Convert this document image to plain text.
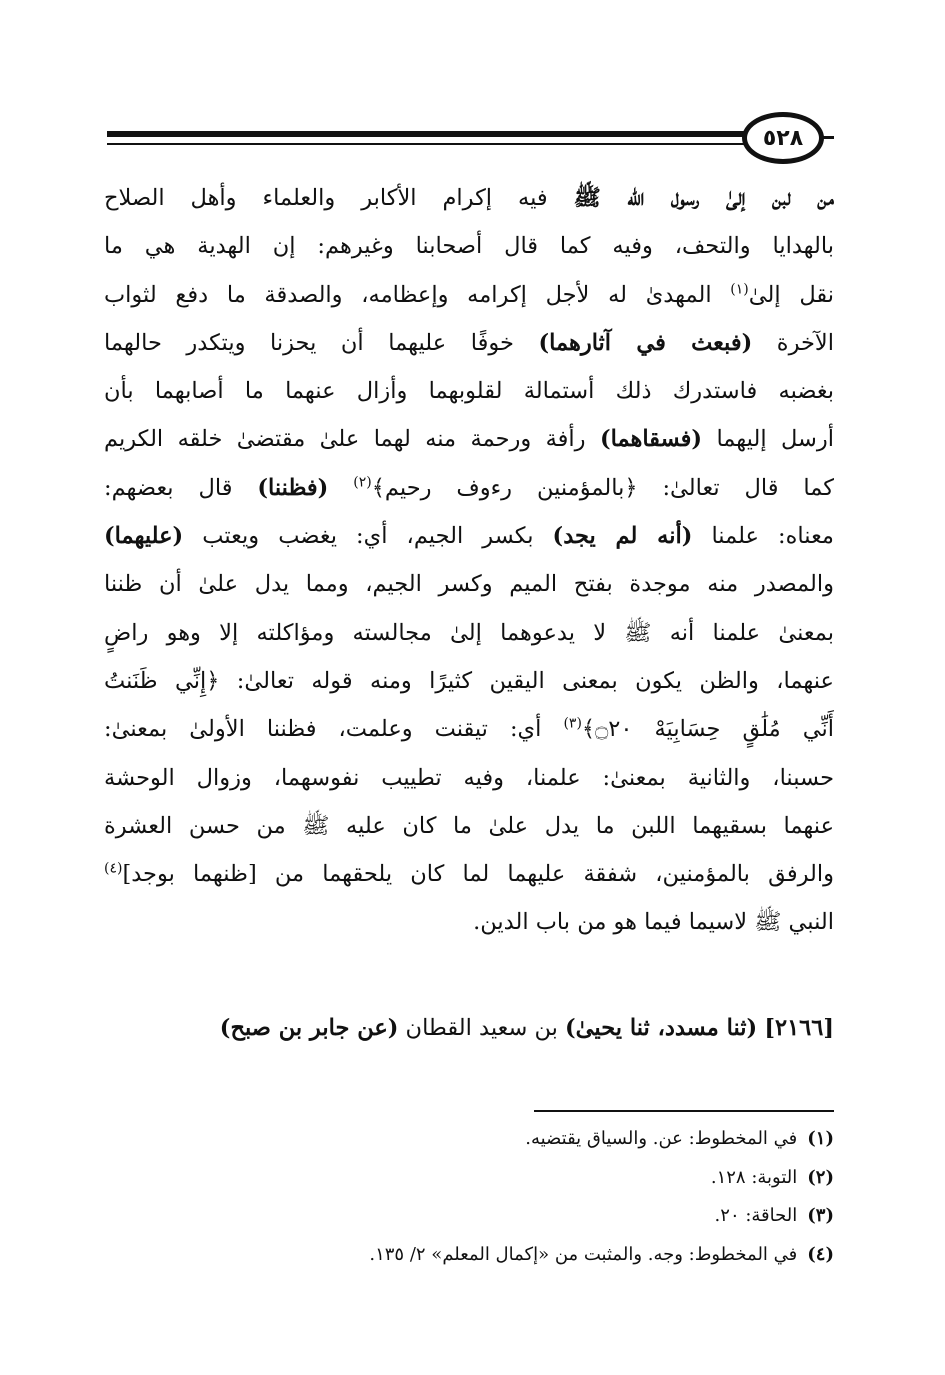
٥٢٨
من لبن إلىٰ رسول الله ﷺ فيه إكرام الأكابر والعلماء وأهل الصلاح
بالهدايا والتحف، وفيه كما قال أصحابنا وغيرهم: إن الهدية هي ما
نقل إلىٰ$^{(١)}$ المهدىٰ له لأجل إكرامه وإعظامه، والصدقة ما دفع لثواب
الآخرة (فبعث في آثارهما) خوفًا عليهما أن يحزنا ويتكدر حالهما
بغضبه فاستدرك ذلك أستمالة لقلوبهما وأزال عنهما ما أصابهما بأن
أرسل إليهما (فسقاهما) رأفة ورحمة منه لهما علىٰ مقتضىٰ خلقه الكريم
كما قال تعالىٰ: ﴿بالمؤمنين رءوف رحيم﴾$^{(٢)}$ (فظننا) قال بعضهم:
معناه: علمنا (أنه لم يجد) بكسر الجيم، أي: يغضب ويعتب (عليهما)
والمصدر منه موجدة بفتح الميم وكسر الجيم، ومما يدل علىٰ أن ظننا
بمعنىٰ علمنا أنه ﷺ لا يدعوهما إلىٰ مجالسته ومؤاكلته إلا وهو راضٍ
عنهما، والظن يكون بمعنى اليقين كثيرًا ومنه قوله تعالىٰ: ﴿إِنِّي ظَنَنتُ
أَنِّي مُلَٰقٍ حِسَابِيَهْ ۝٢٠﴾$^{(٣)}$ أي: تيقنت وعلمت، فظننا الأولىٰ بمعنىٰ:
حسبنا، والثانية بمعنىٰ: علمنا، وفيه تطييب نفوسهما، وزوال الوحشة
عنهما بسقيهما اللبن ما يدل علىٰ ما كان عليه ﷺ من حسن العشرة
والرفق بالمؤمنين، شفقة عليهما لما كان يلحقهما من [ظنهما بوجد]$^{(٤)}$
النبي ﷺ لاسيما فيما هو من باب الدين.
[٢١٦٦] (ثنا مسدد، ثنا يحيىٰ) بن سعيد القطان (عن جابر بن صبح)
(١)في المخطوط: عن. والسياق يقتضيه.
(٢)التوبة: ١٢٨.
(٣)الحاقة: ٢٠.
(٤)في المخطوط: وجه. والمثبت من «إكمال المعلم» ٢/ ١٣٥.
